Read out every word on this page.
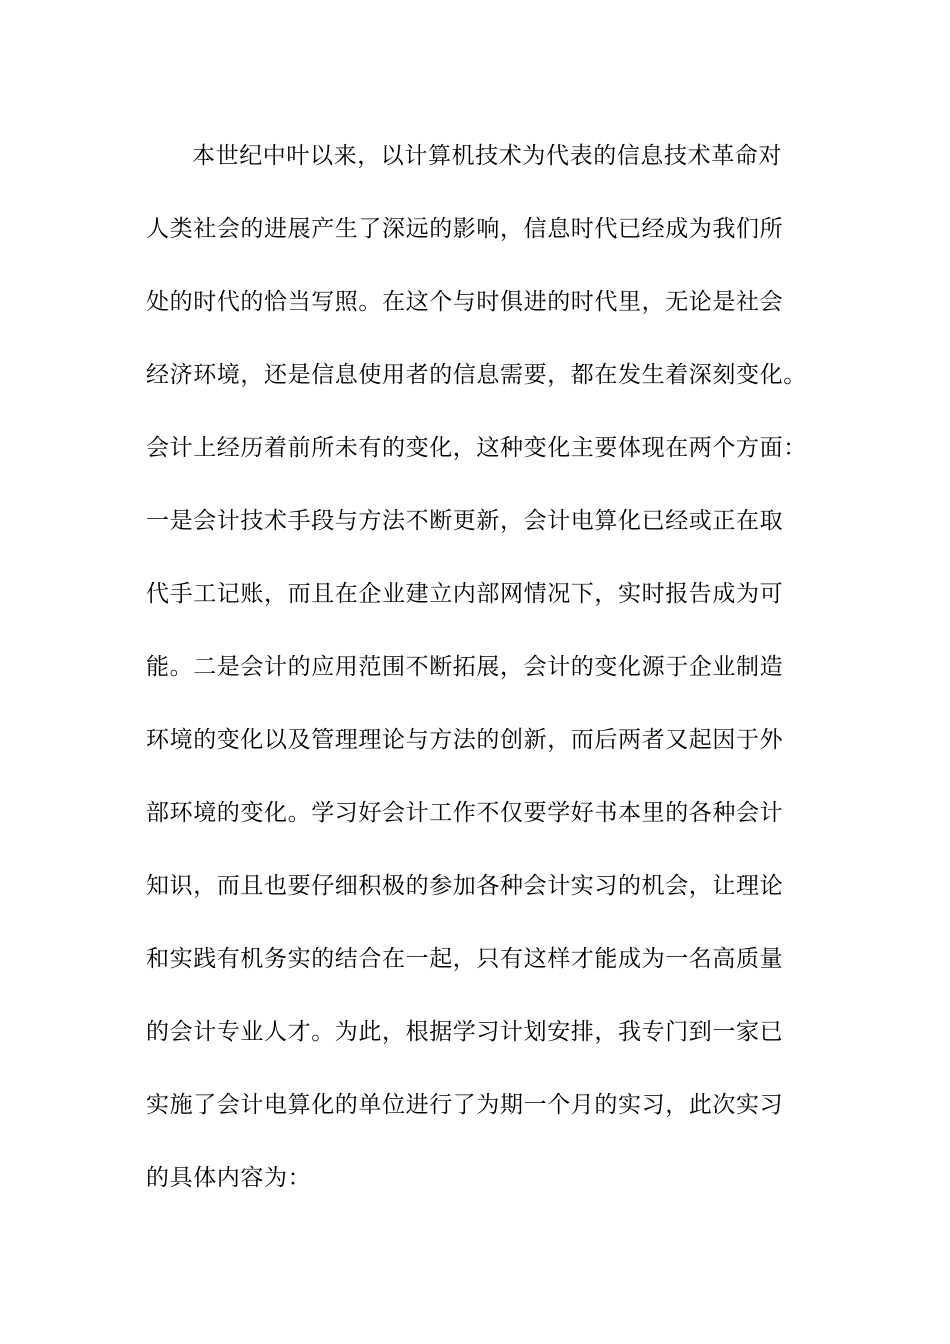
本世纪中叶以来，以计算机技术为代表的信息技术革命对
人类社会的进展产生了深远的影响，信息时代已经成为我们所
处的时代的恰当写照。在这个与时俱进的时代里，无论是社会
经济环境，还是信息使用者的信息需要，都在发生着深刻变化。
会计上经历着前所未有的变化，这种变化主要体现在两个方面：
一是会计技术手段与方法不断更新，会计电算化已经或正在取
代手工记账，而且在企业建立内部网情况下，实时报告成为可
能。二是会计的应用范围不断拓展，会计的变化源于企业制造
环境的变化以及管理理论与方法的创新，而后两者又起因于外
部环境的变化。学习好会计工作不仅要学好书本里的各种会计
知识，而且也要仔细积极的参加各种会计实习的机会，让理论
和实践有机务实的结合在一起，只有这样才能成为一名高质量
的会计专业人才。为此，根据学习计划安排，我专门到一家已
实施了会计电算化的单位进行了为期一个月的实习，此次实习
的具体内容为：
